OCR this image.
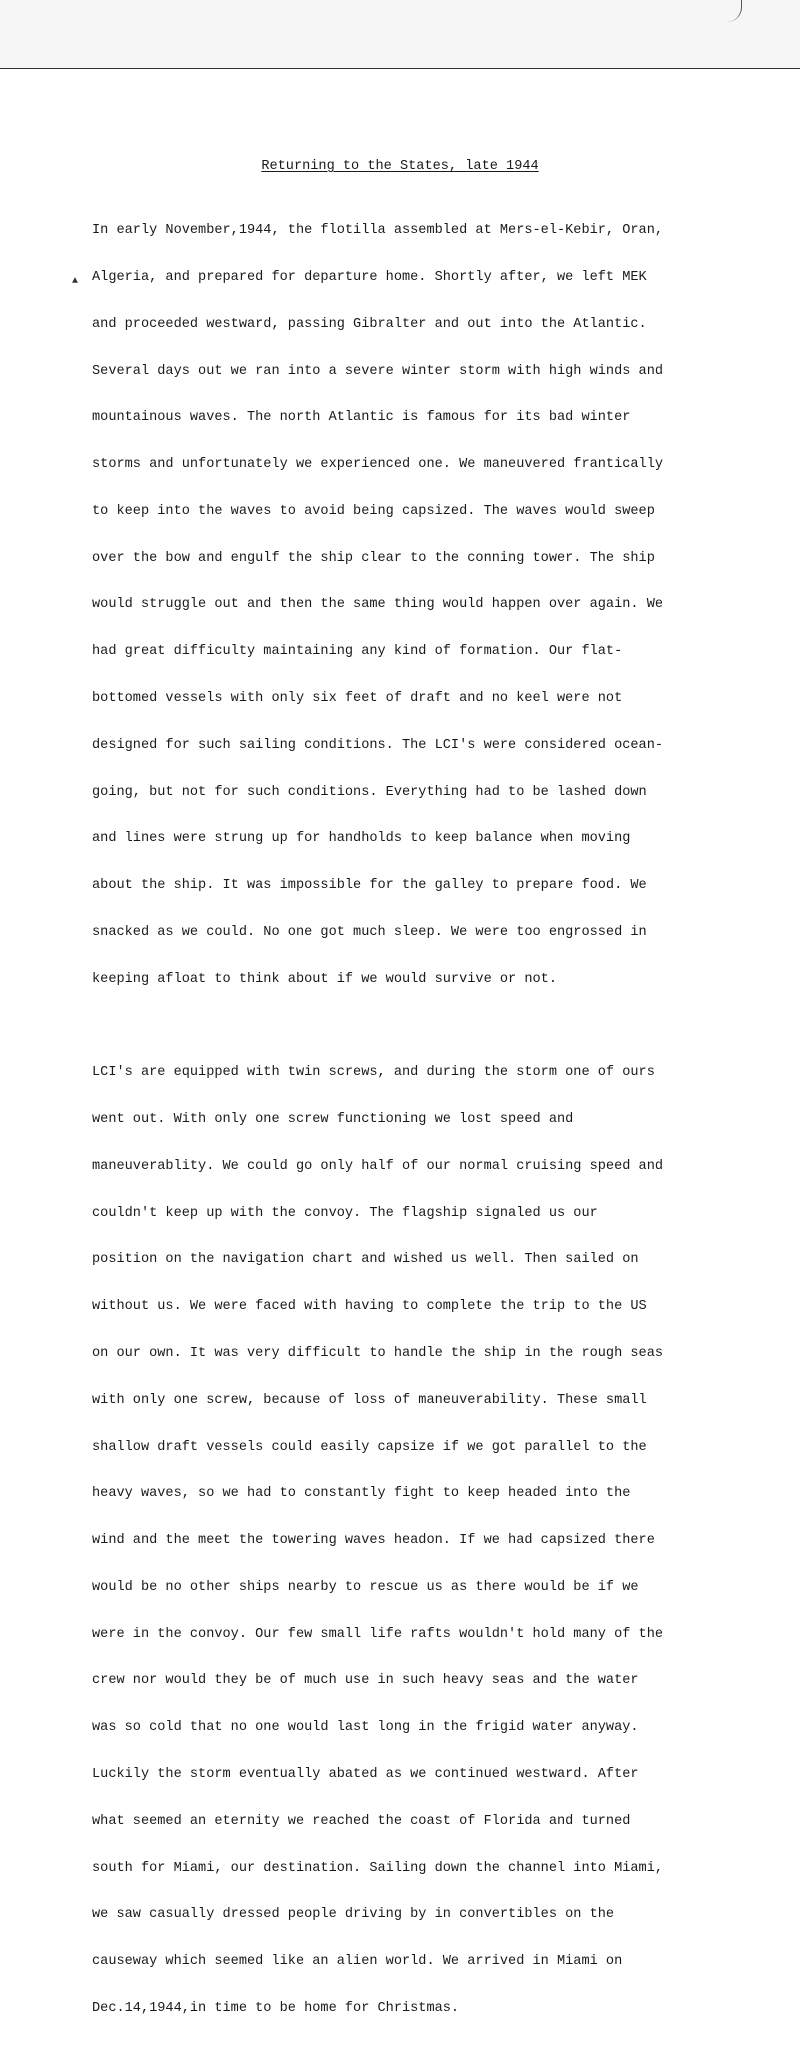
▲
Returning to the States, late 1944

In early November,1944, the flotilla assembled at Mers-el-Kebir, Oran,

Algeria, and prepared for departure home. Shortly after, we left MEK

and proceeded westward, passing Gibralter and out into the Atlantic.

Several days out we ran into a severe winter storm with high winds and

mountainous waves. The north Atlantic is famous for its bad winter

storms and unfortunately we experienced one. We maneuvered frantically

to keep into the waves to avoid being capsized. The waves would sweep

over the bow and engulf the ship clear to the conning tower. The ship

would struggle out and then the same thing would happen over again. We

had great difficulty maintaining any kind of formation. Our flat-

bottomed vessels with only six feet of draft and no keel were not

designed for such sailing conditions. The LCI's were considered ocean-

going, but not for such conditions. Everything had to be lashed down

and lines were strung up for handholds to keep balance when moving

about the ship. It was impossible for the galley to prepare food. We

snacked as we could. No one got much sleep. We were too engrossed in

keeping afloat to think about if we would survive or not.

LCI's are equipped with twin screws, and during the storm one of ours

went out. With only one screw functioning we lost speed and

maneuverablity. We could go only half of our normal cruising speed and

couldn't keep up with the convoy. The flagship signaled us our

position on the navigation chart and wished us well. Then sailed on

without us. We were faced with having to complete the trip to the US

on our own. It was very difficult to handle the ship in the rough seas

with only one screw, because of loss of maneuverability. These small

shallow draft vessels could easily capsize if we got parallel to the

heavy waves, so we had to constantly fight to keep headed into the

wind and the meet the towering waves headon. If we had capsized there

would be no other ships nearby to rescue us as there would be if we

were in the convoy. Our few small life rafts wouldn't hold many of the

crew nor would they be of much use in such heavy seas and the water

was so cold that no one would last long in the frigid water anyway.

Luckily the storm eventually abated as we continued westward. After

what seemed an eternity we reached the coast of Florida and turned

south for Miami, our destination. Sailing down the channel into Miami,

we saw casually dressed people driving by in convertibles on the

causeway which seemed like an alien world. We arrived in Miami on

Dec.14,1944,in time to be home for Christmas.
